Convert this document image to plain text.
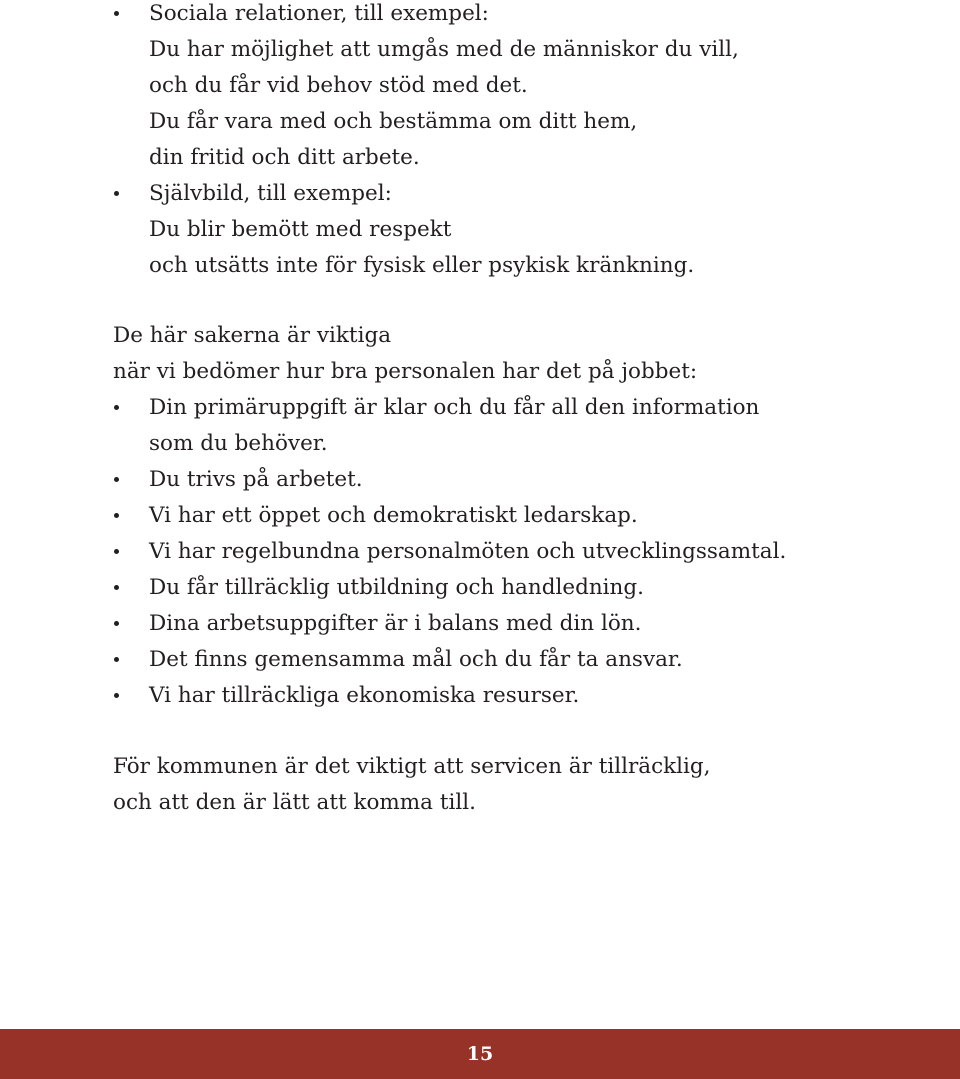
Sociala relationer, till exempel:
Du har möjlighet att umgås med de människor du vill,
och du får vid behov stöd med det.
Du får vara med och bestämma om ditt hem,
din fritid och ditt arbete.
Självbild, till exempel:
Du blir bemött med respekt
och utsätts inte för fysisk eller psykisk kränkning.
De här sakerna är viktiga
när vi bedömer hur bra personalen har det på jobbet:
Din primäruppgift är klar och du får all den information
som du behöver.
Du trivs på arbetet.
Vi har ett öppet och demokratiskt ledarskap.
Vi har regelbundna personalmöten och utvecklingssamtal.
Du får tillräcklig utbildning och handledning.
Dina arbetsuppgifter är i balans med din lön.
Det finns gemensamma mål och du får ta ansvar.
Vi har tillräckliga ekonomiska resurser.
För kommunen är det viktigt att servicen är tillräcklig,
och att den är lätt att komma till.
15
